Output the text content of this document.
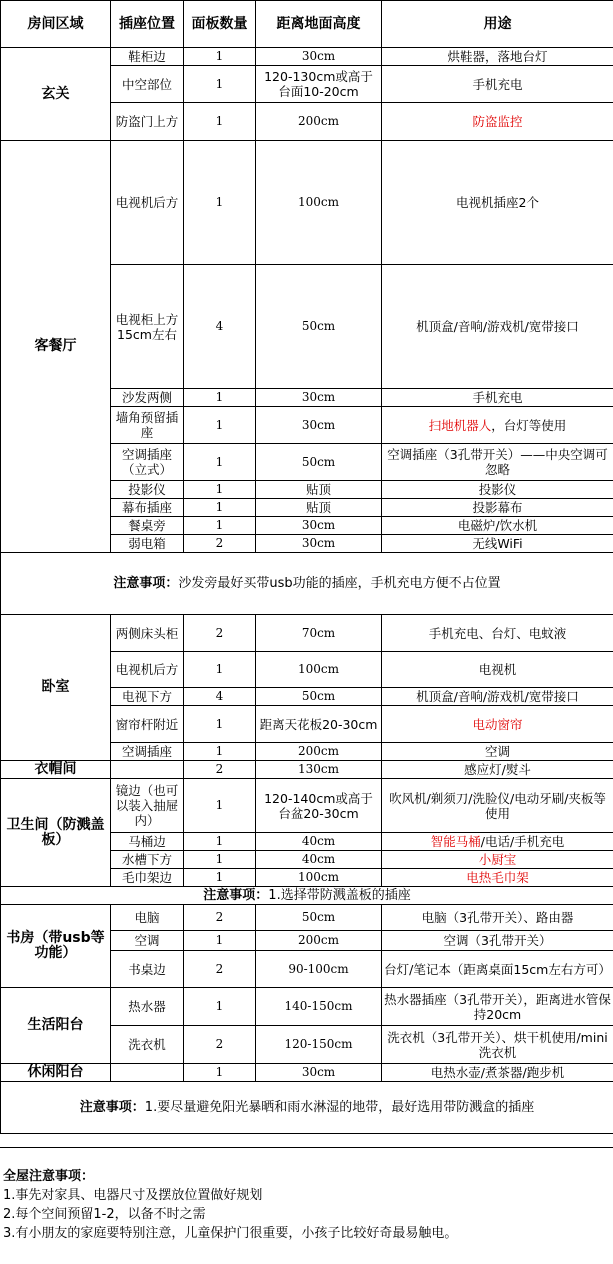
房间区域	插座位置	面板数量	距离地面高度	用途
玄关	鞋柜边	1	30cm	烘鞋器，落地台灯
	中空部位	1	120-130cm或高于台面10-20cm	手机充电
	防盗门上方	1	200cm	防盗监控
客餐厅	电视机后方	1	100cm	电视机插座2个
	电视柜上方15cm左右	4	50cm	机顶盒/音响/游戏机/宽带接口
	沙发两侧	1	30cm	手机充电
	墙角预留插座	1	30cm	扫地机器人，台灯等使用
	空调插座（立式）	1	50cm	空调插座（3孔带开关）——中央空调可忽略
	投影仪	1	贴顶	投影仪
	幕布插座	1	贴顶	投影幕布
	餐桌旁	1	30cm	电磁炉/饮水机
	弱电箱	2	30cm	无线WiFi
注意事项：沙发旁最好买带usb功能的插座，手机充电方便不占位置				
卧室	两侧床头柜	2	70cm	手机充电、台灯、电蚊液
	电视机后方	1	100cm	电视机
	电视下方	4	50cm	机顶盒/音响/游戏机/宽带接口
	窗帘杆附近	1	距离天花板20-30cm	电动窗帘
	空调插座	1	200cm	空调
衣帽间		2	130cm	感应灯/熨斗
卫生间（防溅盖板）	镜边（也可以装入抽屉内）	1	120-140cm或高于台盆20-30cm	吹风机/剃须刀/洗脸仪/电动牙刷/夹板等使用
	马桶边	1	40cm	智能马桶/电话/手机充电
	水槽下方	1	40cm	小厨宝
	毛巾架边	1	100cm	电热毛巾架
注意事项：1.选择带防溅盖板的插座				
书房（带usb等功能）	电脑	2	50cm	电脑（3孔带开关）、路由器
	空调	1	200cm	空调（3孔带开关）
	书桌边	2	90-100cm	台灯/笔记本（距离桌面15cm左右方可）
生活阳台	热水器	1	140-150cm	热水器插座（3孔带开关），距离进水管保持20cm
	洗衣机	2	120-150cm	洗衣机（3孔带开关）、烘干机使用/mini洗衣机
休闲阳台		1	30cm	电热水壶/煮茶器/跑步机
注意事项：1.要尽量避免阳光暴晒和雨水淋湿的地带，最好选用带防溅盒的插座				
全屋注意事项：
1.事先对家具、电器尺寸及摆放位置做好规划
2.每个空间预留1-2，以备不时之需
3.有小朋友的家庭要特别注意，儿童保护门很重要，小孩子比较好奇最易触电。
